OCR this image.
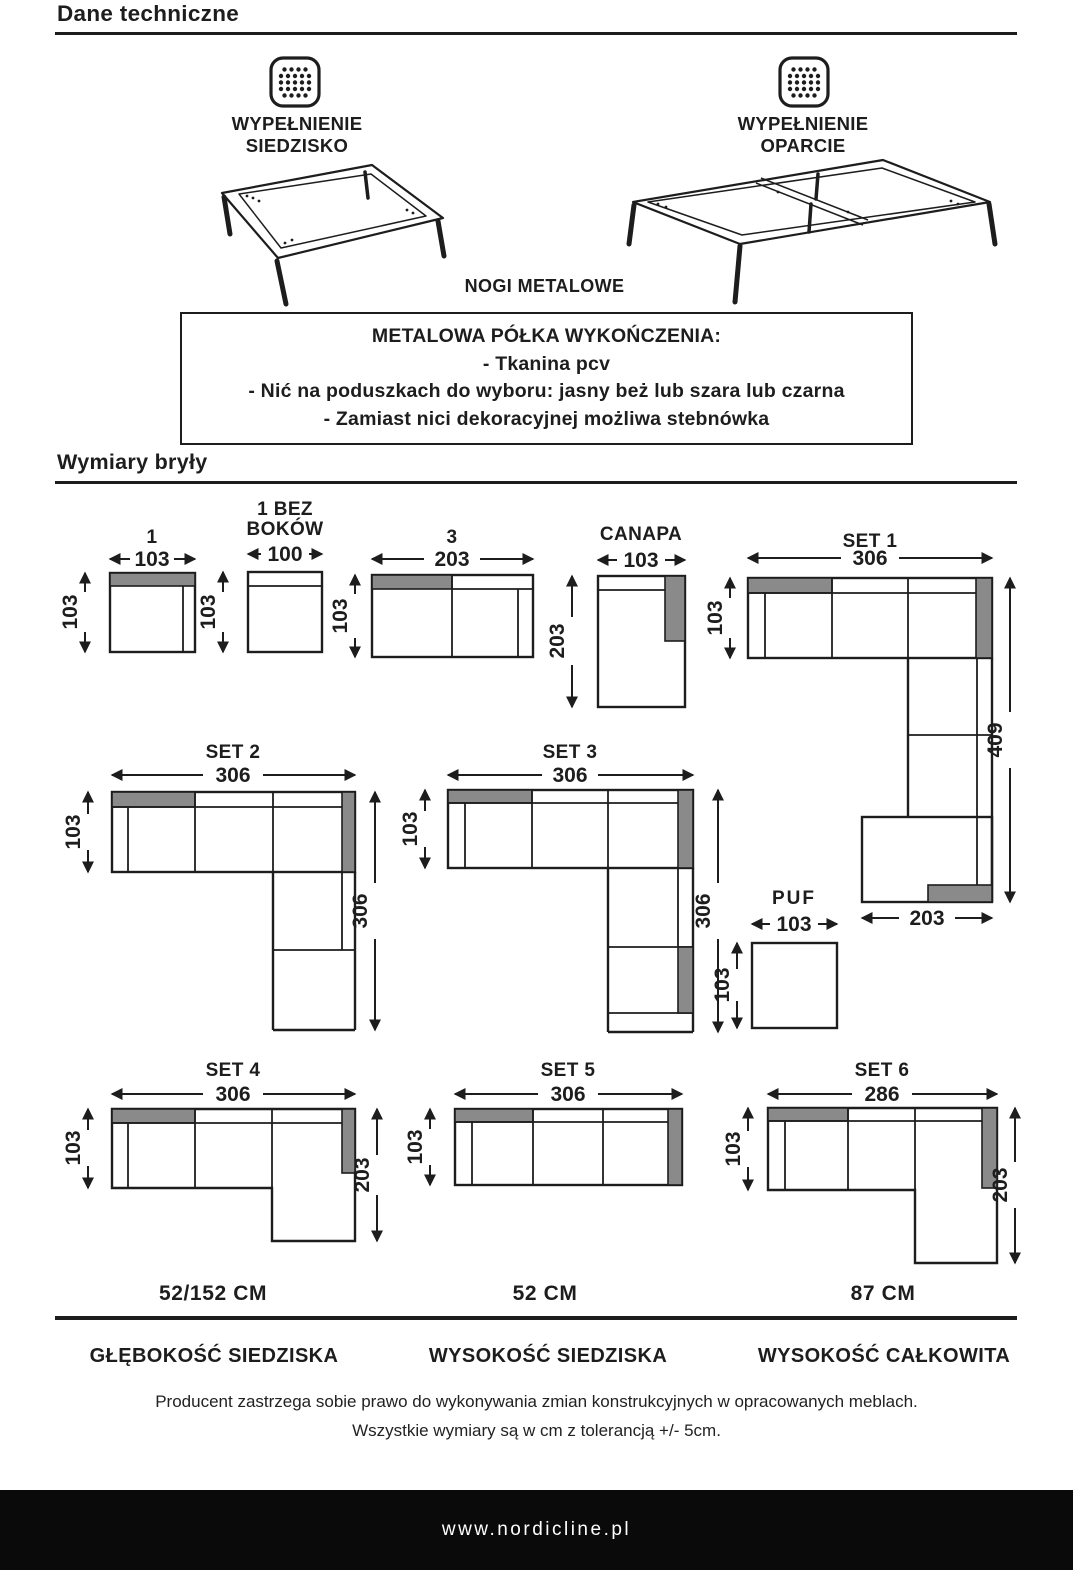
Dane techniczne
WYPEŁNIENIE
SIEDZISKO
WYPEŁNIENIE
OPARCIE
NOGI METALOWE

METALOWA PÓŁKA WYKOŃCZENIA:

- Tkanina pcv

- Nić na poduszkach do wyboru: jasny beż lub szara lub czarna

- Zamiast nici dekoracyjnej możliwa stebnówka

Wymiary bryły
1
103
103
1 BEZ
BOKÓW
100
103
3
203
103
CANAPA
103
203
SET 1
306
103
409
203
SET 2
306
103
306
SET 3
306
103
306	PUF
103
103
SET 4
306
103
203
SET 5
306
103
SET 6
286
103
203
52/152 CM	52 CM	87 CM
GŁĘBOKOŚĆ SIEDZISKA	WYSOKOŚĆ SIEDZISKA	WYSOKOŚĆ CAŁKOWITA

Producent zastrzega sobie prawo do wykonywania zmian konstrukcyjnych w opracowanych meblach.

Wszystkie wymiary są w cm z tolerancją +/- 5cm.

www.nordicline.pl
